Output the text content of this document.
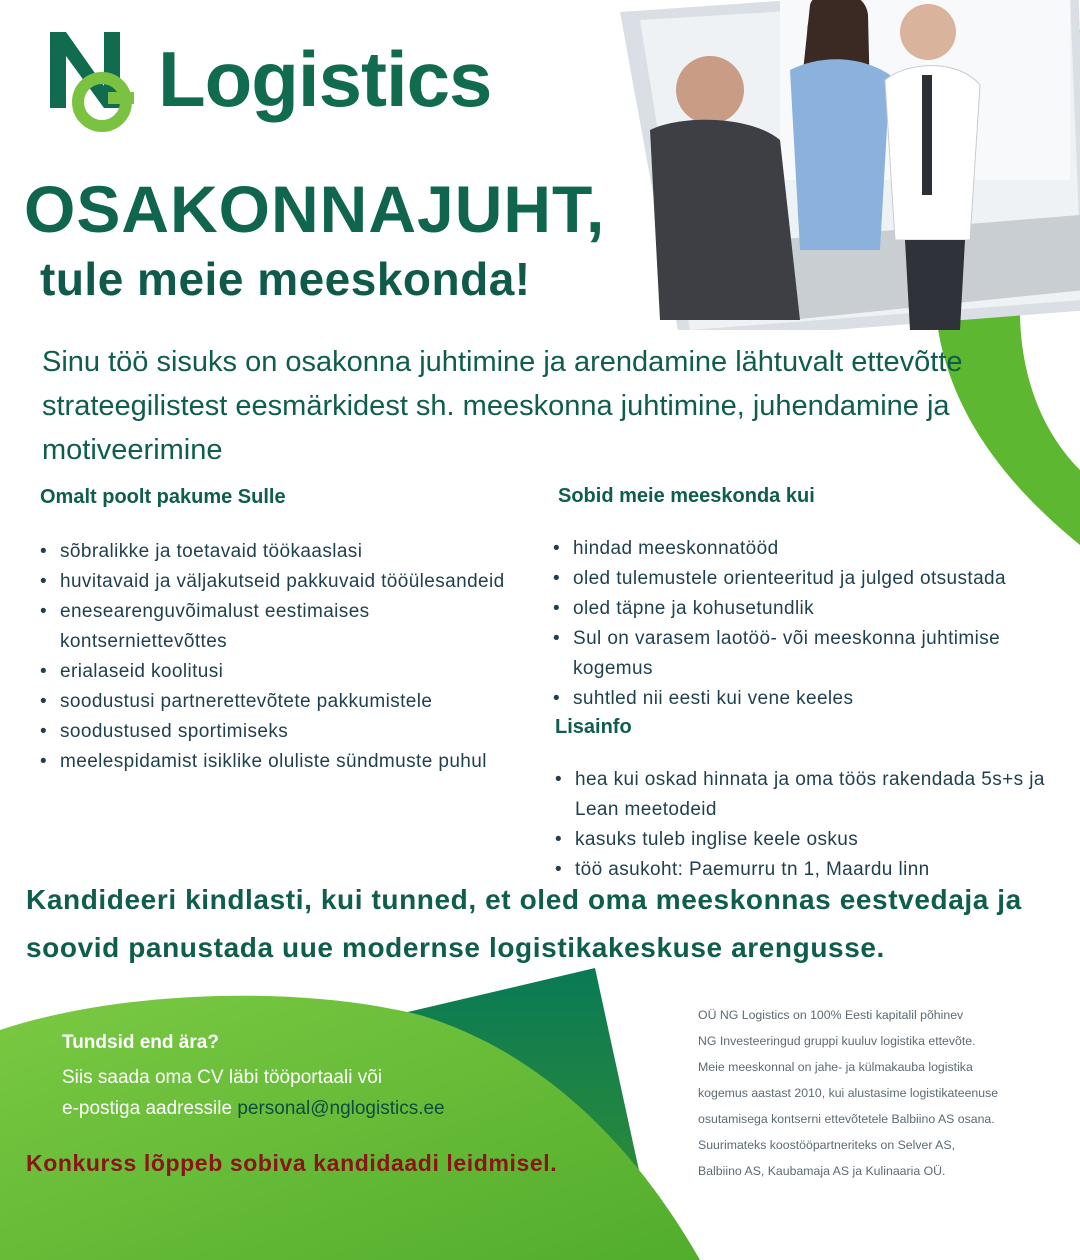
Logistics
OSAKONNAJUHT,
tule meie meeskonda!

Sinu töö sisuks on osakonna juhtimine ja arendamine lähtuvalt ettevõtte strateegilistest eesmärkidest sh. meeskonna juhtimine, juhendamine ja motiveerimine

Omalt poolt pakume Sulle
• sõbralikke ja toetavaid töökaaslasi
• huvitavaid ja väljakutseid pakkuvaid tööülesandeid
• enesearenguvõimalust eestimaises kontserniettevõttes
• erialaseid koolitusi
• soodustusi partnerettevõtete pakkumistele
• soodustused sportimiseks
• meelespidamist isiklike oluliste sündmuste puhul
Sobid meie meeskonda kui
• hindad meeskonnatööd
• oled tulemustele orienteeritud ja julged otsustada
• oled täpne ja kohusetundlik
• Sul on varasem laotöö- või meeskonna juhtimise kogemus
• suhtled nii eesti kui vene keeles
Lisainfo
• hea kui oskad hinnata ja oma töös rakendada 5s+s ja Lean meetodeid
• kasuks tuleb inglise keele oskus
• töö asukoht: Paemurru tn 1, Maardu linn

Kandideeri kindlasti, kui tunned, et oled oma meeskonnas eestvedaja ja soovid panustada uue modernse logistikakeskuse arengusse.

Tundsid end ära?
Siis saada oma CV läbi tööportaali või
e-postiga aadressile personal@nglogistics.ee
Konkurss lõppeb sobiva kandidaadi leidmisel.
OÜ NG Logistics on 100% Eesti kapitalil põhinev
NG Investeeringud gruppi kuuluv logistika ettevõte.
Meie meeskonnal on jahe- ja külmakauba logistika
kogemus aastast 2010, kui alustasime logistikateenuse
osutamisega kontserni ettevõtetele Balbiino AS osana.
Suurimateks koostööpartneriteks on Selver AS,
Balbiino AS, Kaubamaja AS ja Kulinaaria OÜ.
